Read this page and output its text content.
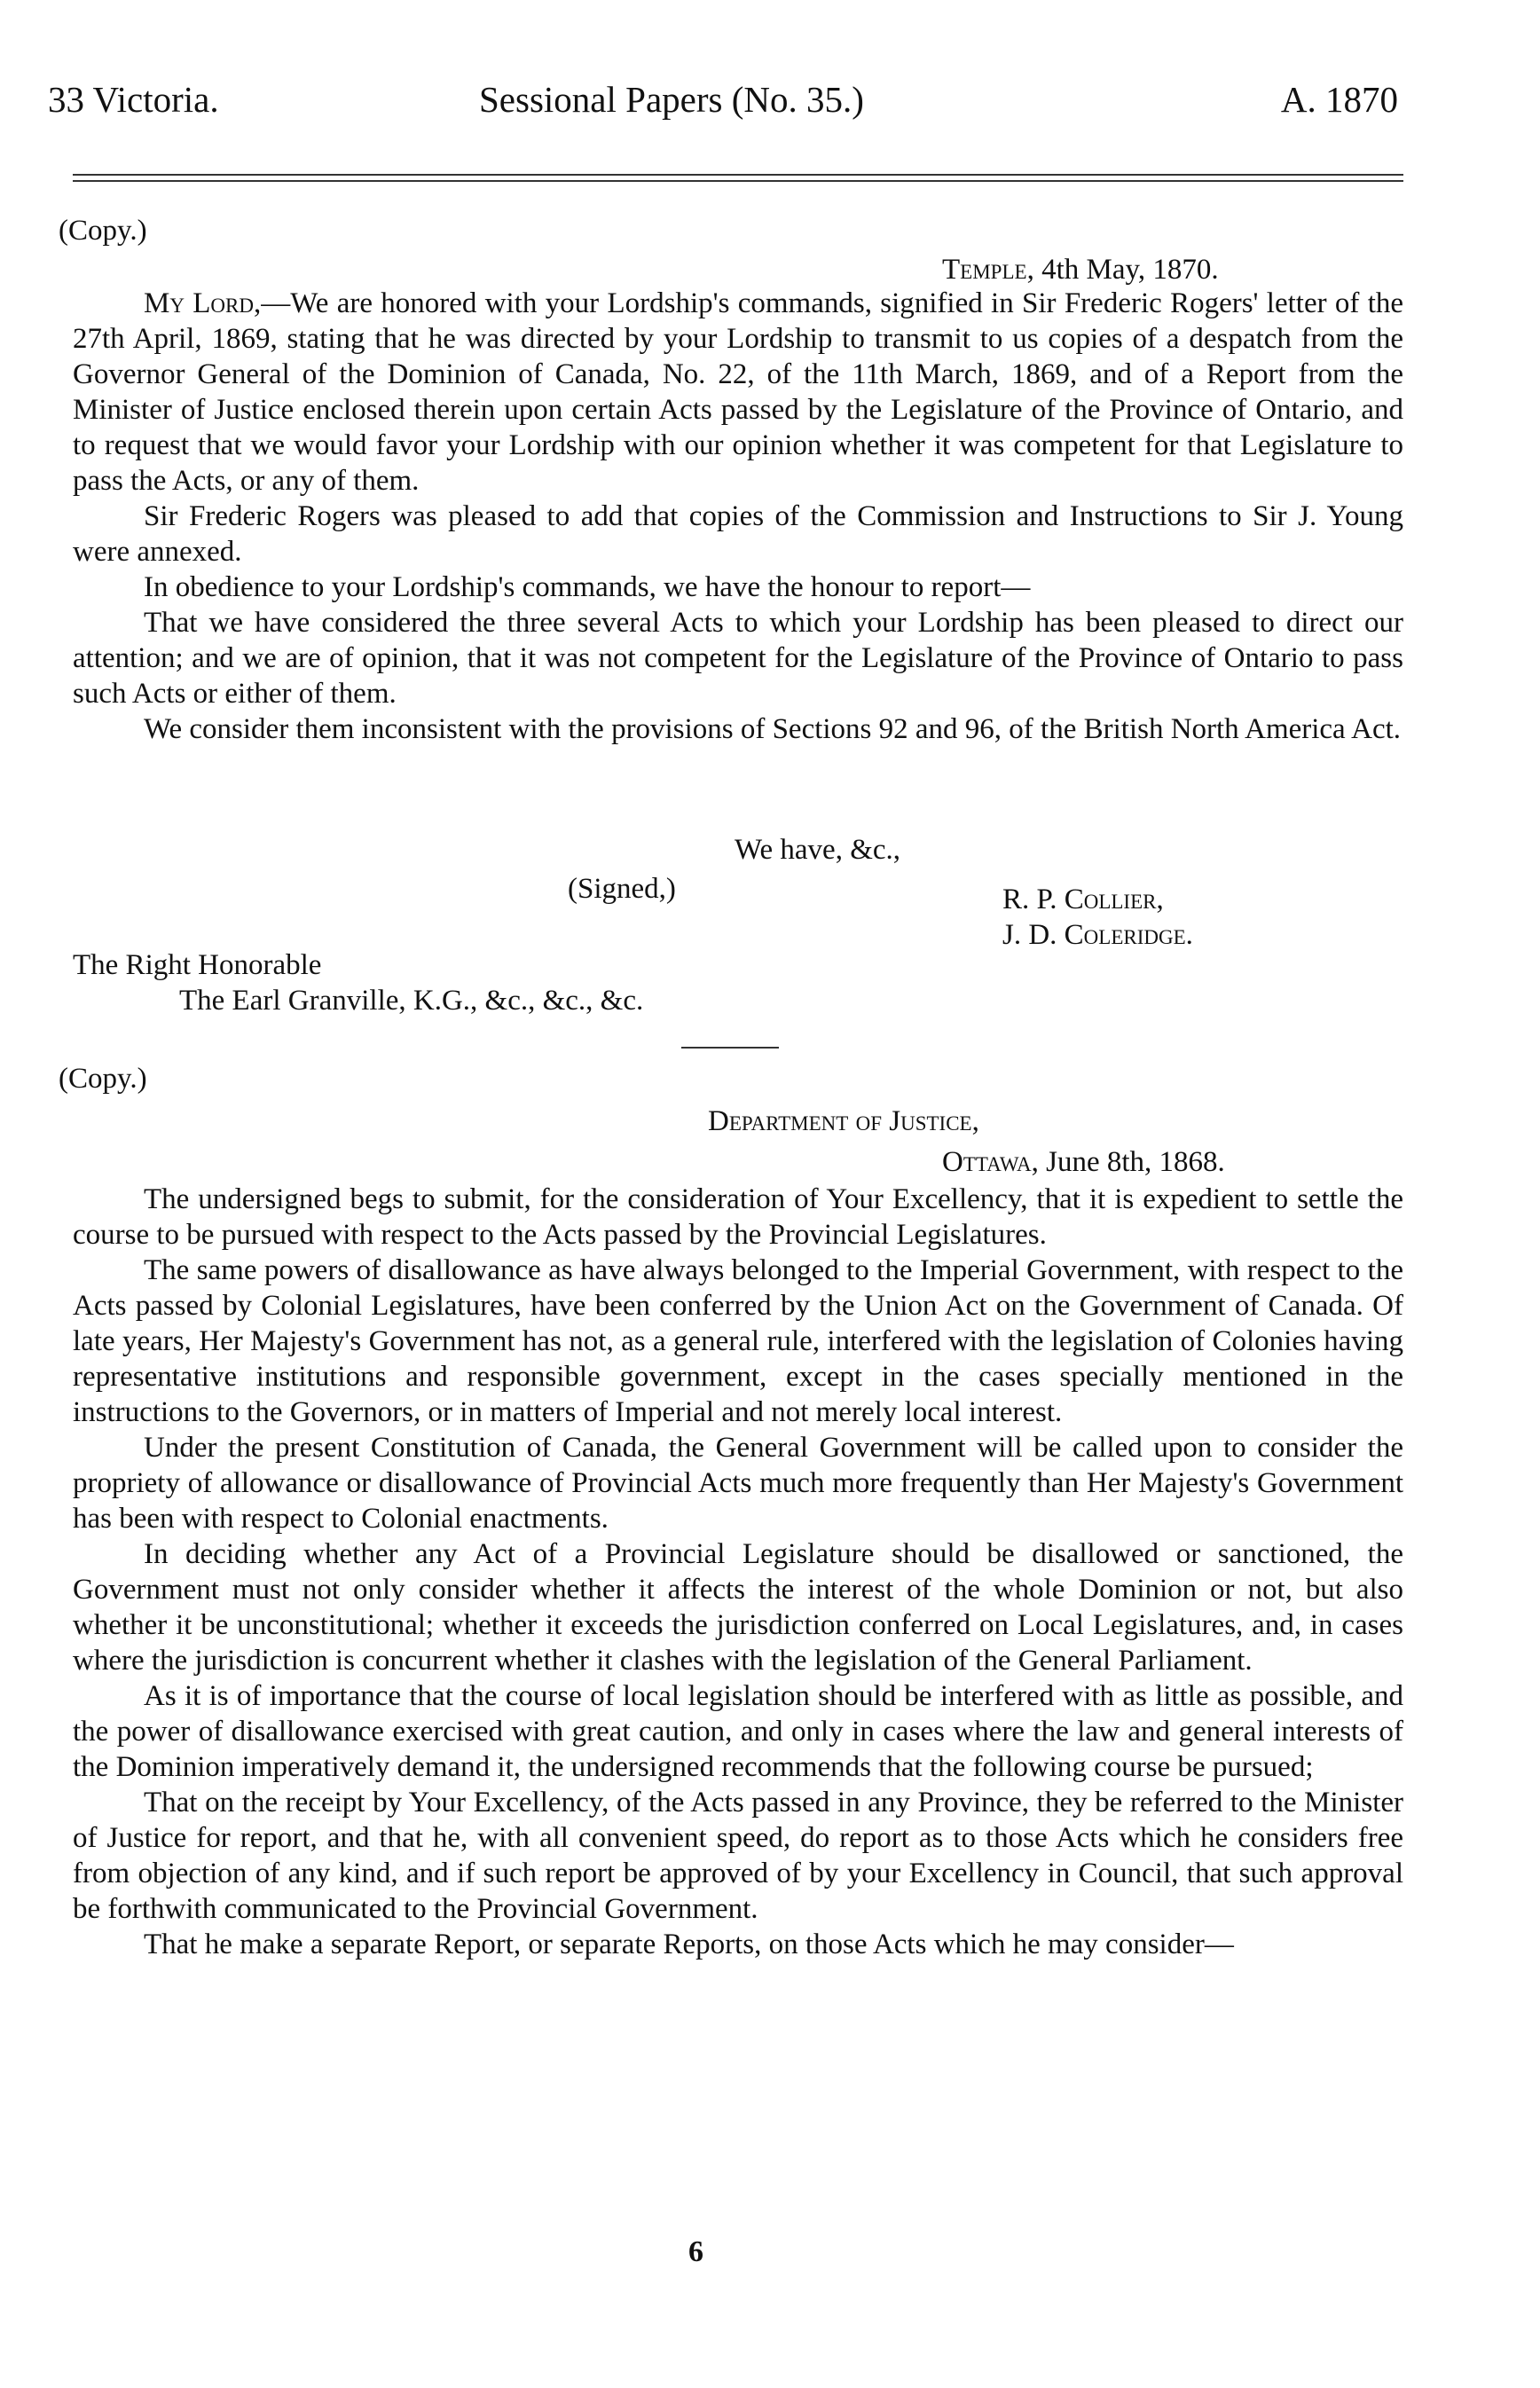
33 Victoria.	Sessional Papers (No. 35.)	A. 1870
(Copy.)
Temple, 4th May, 1870.

My Lord,—We are honored with your Lordship's commands, signified in Sir Frederic Rogers' letter of the 27th April, 1869, stating that he was directed by your Lordship to transmit to us copies of a despatch from the Governor General of the Dominion of Canada, No. 22, of the 11th March, 1869, and of a Report from the Minister of Justice enclosed therein upon certain Acts passed by the Legislature of the Province of Ontario, and to request that we would favor your Lordship with our opinion whether it was competent for that Legislature to pass the Acts, or any of them.

Sir Frederic Rogers was pleased to add that copies of the Commission and Instructions to Sir J. Young were annexed.

In obedience to your Lordship's commands, we have the honour to report—

That we have considered the three several Acts to which your Lordship has been pleased to direct our attention; and we are of opinion, that it was not competent for the Legislature of the Province of Ontario to pass such Acts or either of them.

We consider them inconsistent with the provisions of Sections 92 and 96, of the British North America Act.

We have, &c.,
(Signed,)	R. P. Collier,
J. D. Coleridge.
The Right Honorable
The Earl Granville, K.G., &c., &c., &c.
(Copy.)
Department of Justice,
Ottawa, June 8th, 1868.

The undersigned begs to submit, for the consideration of Your Excellency, that it is expedient to settle the course to be pursued with respect to the Acts passed by the Provincial Legislatures.

The same powers of disallowance as have always belonged to the Imperial Government, with respect to the Acts passed by Colonial Legislatures, have been conferred by the Union Act on the Government of Canada. Of late years, Her Majesty's Government has not, as a general rule, interfered with the legislation of Colonies having representative institutions and responsible government, except in the cases specially mentioned in the instructions to the Governors, or in matters of Imperial and not merely local interest.

Under the present Constitution of Canada, the General Government will be called upon to consider the propriety of allowance or disallowance of Provincial Acts much more frequently than Her Majesty's Government has been with respect to Colonial enactments.

In deciding whether any Act of a Provincial Legislature should be disallowed or sanctioned, the Government must not only consider whether it affects the interest of the whole Dominion or not, but also whether it be unconstitutional; whether it exceeds the jurisdiction conferred on Local Legislatures, and, in cases where the jurisdiction is concurrent whether it clashes with the legislation of the General Parliament.

As it is of importance that the course of local legislation should be interfered with as little as possible, and the power of disallowance exercised with great caution, and only in cases where the law and general interests of the Dominion imperatively demand it, the undersigned recommends that the following course be pursued;

That on the receipt by Your Excellency, of the Acts passed in any Province, they be referred to the Minister of Justice for report, and that he, with all convenient speed, do report as to those Acts which he considers free from objection of any kind, and if such report be approved of by your Excellency in Council, that such approval be forthwith communicated to the Provincial Government.

That he make a separate Report, or separate Reports, on those Acts which he may consider—

6
